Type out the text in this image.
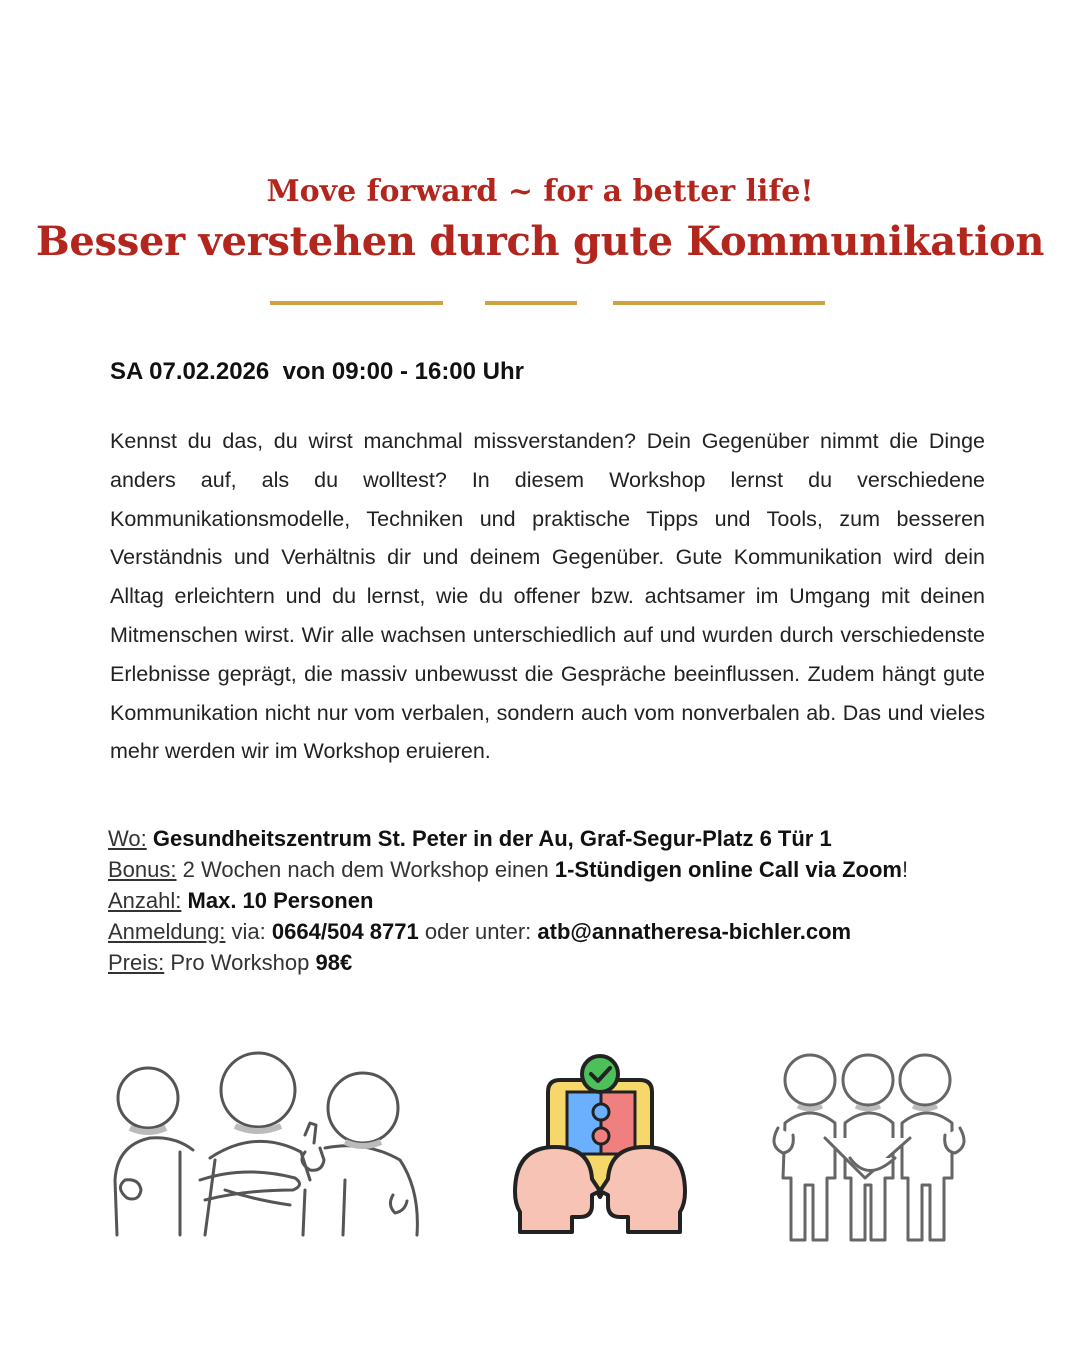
Move forward ~ for a better life!
Besser verstehen durch gute Kommunikation
SA 07.02.2026  von 09:00 - 16:00 Uhr
Kennst du das, du wirst manchmal missverstanden? Dein Gegenüber nimmt die Dinge anders auf, als du wolltest? In diesem Workshop lernst du verschiedene Kommunikationsmodelle, Techniken und praktische Tipps und Tools, zum besseren Verständnis und Verhältnis dir und deinem Gegenüber. Gute Kommunikation wird dein Alltag erleichtern und du lernst, wie du offener bzw. achtsamer im Umgang mit deinen Mitmenschen wirst. Wir alle wachsen unterschiedlich auf und wurden durch verschiedenste Erlebnisse geprägt, die massiv unbewusst die Gespräche beeinflussen. Zudem hängt gute Kommunikation nicht nur vom verbalen, sondern auch vom nonverbalen ab. Das und vieles mehr werden wir im Workshop eruieren.
Wo: Gesundheitszentrum St. Peter in der Au, Graf-Segur-Platz 6 Tür 1
Bonus: 2 Wochen nach dem Workshop einen 1-Stündigen online Call via Zoom!
Anzahl: Max. 10 Personen
Anmeldung: via: 0664/504 8771 oder unter: atb@annatheresa-bichler.com
Preis: Pro Workshop 98€
